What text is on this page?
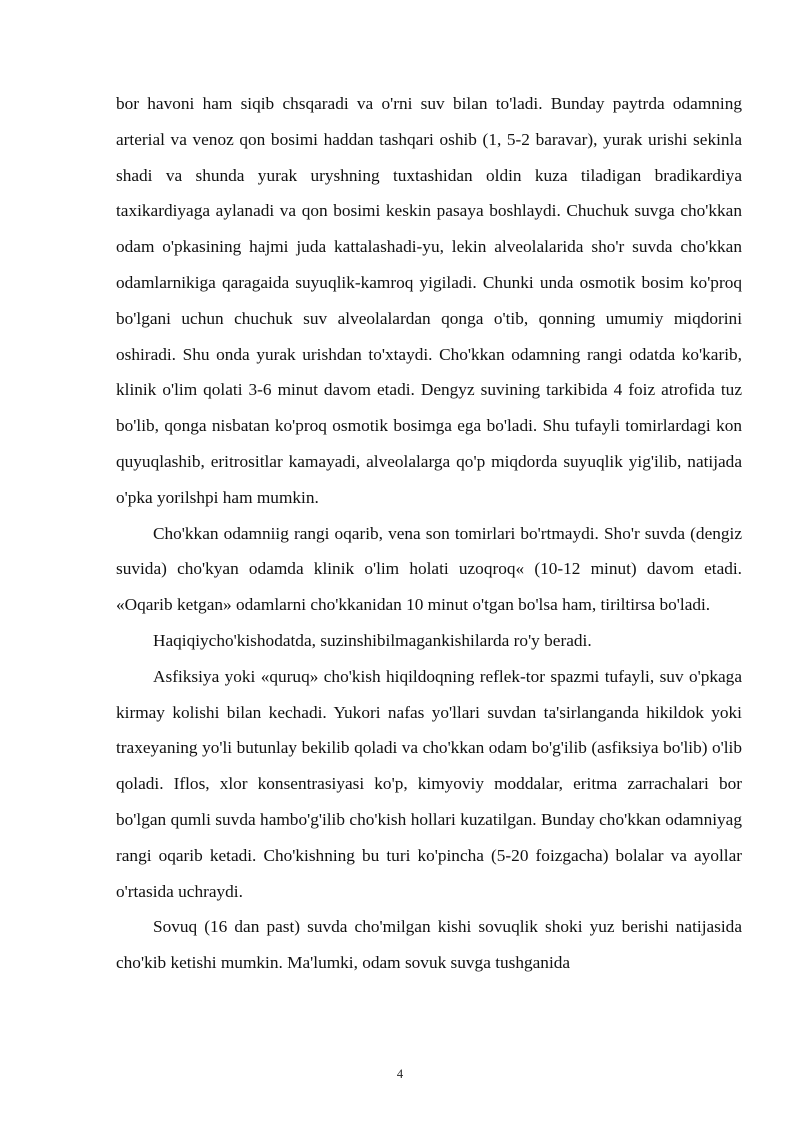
bor havoni ham siqib chsqaradi va o'rni suv bilan to'ladi. Bunday paytrda odamning arterial va venoz qon bosimi haddan tashqari oshib (1, 5-2 baravar), yurak urishi sekinla shadi va shunda yurak uryshning tuxtashidan oldin kuza tiladigan bradikardiya taxikardiyaga aylanadi va qon bosimi keskin pasaya boshlaydi. Chuchuk suvga cho'kkan odam o'pkasining hajmi juda kattalashadi-yu, lekin alveolalarida sho'r suvda cho'kkan odamlarnikiga qaragaida suyuqlik-kamroq yigiladi. Chunki unda osmotik bosim ko'proq bo'lgani uchun chuchuk suv alveolalardan qonga o'tib, qonning umumiy miqdorini oshiradi. Shu onda yurak urishdan to'xtaydi. Cho'kkan odamning rangi odatda ko'karib, klinik o'lim qolati 3-6 minut davom etadi. Dengyz suvining tarkibida 4 foiz atrofida tuz bo'lib, qonga nisbatan ko'proq osmotik bosimga ega bo'ladi. Shu tufayli tomirlardagi kon quyuqlashib, eritrositlar kamayadi, alveolalarga qo'p miqdorda suyuqlik yig'ilib, natijada o'pka yorilshpi ham mumkin.

Cho'kkan odamniig rangi oqarib, vena son tomirlari bo'rtmaydi. Sho'r suvda (dengiz suvida) cho'kyan odamda klinik o'lim holati uzoqroq« (10-12 minut) davom etadi. «Oqarib ketgan» odamlarni cho'kkanidan 10 minut o'tgan bo'lsa ham, tiriltirsa bo'ladi.

Haqiqiycho'kishodatda, suzinshibilmagankishilarda ro'y beradi.

Asfiksiya yoki «quruq» cho'kish hiqildoqning reflek-tor spazmi tufayli, suv o'pkaga kirmay kolishi bilan kechadi. Yukori nafas yo'llari suvdan ta'sirlanganda hikildok yoki traxeyaning yo'li butunlay bekilib qoladi va cho'kkan odam bo'g'ilib (asfiksiya bo'lib) o'lib qoladi. Iflos, xlor konsentrasiyasi ko'p, kimyoviy moddalar, eritma zarrachalari bor bo'lgan qumli suvda hambo'g'ilib cho'kish hollari kuzatilgan. Bunday cho'kkan odamniyag rangi oqarib ketadi. Cho'kishning bu turi ko'pincha (5-20 foizgacha) bolalar va ayollar o'rtasida uchraydi.

Sovuq (16 dan past) suvda cho'milgan kishi sovuqlik shoki yuz berishi natijasida cho'kib ketishi mumkin. Ma'lumki, odam sovuk suvga tushganida

4
